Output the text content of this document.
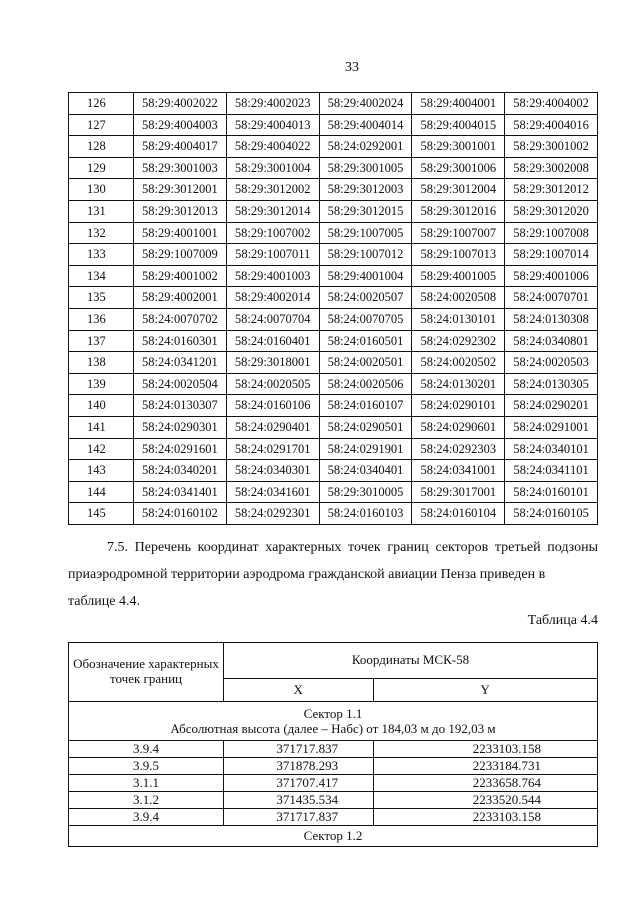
33
126	58:29:4002022	58:29:4002023	58:29:4002024	58:29:4004001	58:29:4004002
127	58:29:4004003	58:29:4004013	58:29:4004014	58:29:4004015	58:29:4004016
128	58:29:4004017	58:29:4004022	58:24:0292001	58:29:3001001	58:29:3001002
129	58:29:3001003	58:29:3001004	58:29:3001005	58:29:3001006	58:29:3002008
130	58:29:3012001	58:29:3012002	58:29:3012003	58:29:3012004	58:29:3012012
131	58:29:3012013	58:29:3012014	58:29:3012015	58:29:3012016	58:29:3012020
132	58:29:4001001	58:29:1007002	58:29:1007005	58:29:1007007	58:29:1007008
133	58:29:1007009	58:29:1007011	58:29:1007012	58:29:1007013	58:29:1007014
134	58:29:4001002	58:29:4001003	58:29:4001004	58:29:4001005	58:29:4001006
135	58:29:4002001	58:29:4002014	58:24:0020507	58:24:0020508	58:24:0070701
136	58:24:0070702	58:24:0070704	58:24:0070705	58:24:0130101	58:24:0130308
137	58:24:0160301	58:24:0160401	58:24:0160501	58:24:0292302	58:24:0340801
138	58:24:0341201	58:29:3018001	58:24:0020501	58:24:0020502	58:24:0020503
139	58:24:0020504	58:24:0020505	58:24:0020506	58:24:0130201	58:24:0130305
140	58:24:0130307	58:24:0160106	58:24:0160107	58:24:0290101	58:24:0290201
141	58:24:0290301	58:24:0290401	58:24:0290501	58:24:0290601	58:24:0291001
142	58:24:0291601	58:24:0291701	58:24:0291901	58:24:0292303	58:24:0340101
143	58:24:0340201	58:24:0340301	58:24:0340401	58:24:0341001	58:24:0341101
144	58:24:0341401	58:24:0341601	58:29:3010005	58:29:3017001	58:24:0160101
145	58:24:0160102	58:24:0292301	58:24:0160103	58:24:0160104	58:24:0160105
7.5. Перечень координат характерных точек границ секторов третьей подзоны приаэродромной территории аэродрома гражданской авиации Пенза приведен в
таблице 4.4.
Таблица 4.4
Обозначение характерных точек границ	Координаты МСК-58	
	X	Y

Сектор 1.1
Абсолютная высота (далее – Набс) от 184,03 м до 192,03 м		

3.9.4	371717.837	2233103.158
3.9.5	371878.293	2233184.731
3.1.1	371707.417	2233658.764
3.1.2	371435.534	2233520.544
3.9.4	371717.837	2233103.158
Сектор 1.2		
